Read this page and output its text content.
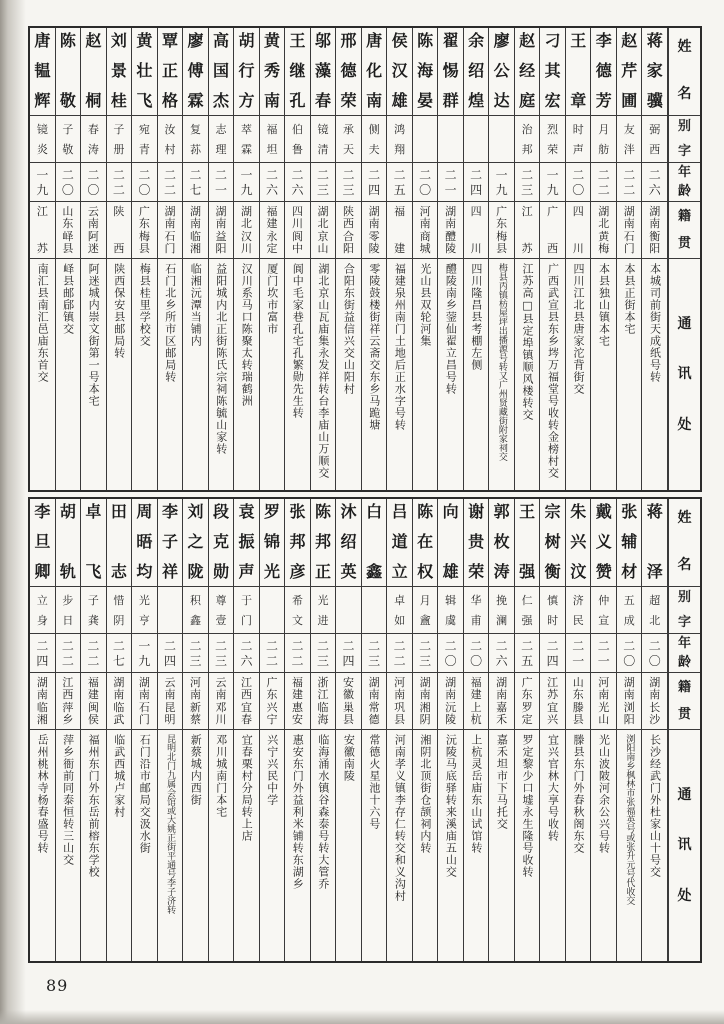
姓
名
别
字
年
龄
籍
贯
通
讯
处
蒋
家
骥
弼
西
二
六
湖
南
衡
阳
本城司前街天成纸号转
赵
芹
圃
友
泮
二
二
湖
南
石
门
本县正街本宅
李
德
芳
月
舫
二
二
湖
北
黄
梅
本县独山镇本宅
王
章
时
声
二
〇
四
川
四川江北县唐家沱背街交
刁
其
宏
烈
荣
一
九
广
西
广西武宣县东乡埁万福堂号收转金榜村交
赵
经
庭
治
邦
二
三
江
苏
江苏高□县定埠镇顺风楼转交
廖
公
达
一
九
广
东
梅
县
梅县丙镇枋屋坪出播源号转又广州贤藏街附家祠交
余
绍
煌
二
四
四
川
四川隆昌县考棚左侧
翟
惕
群
二
一
湖
南
醴
陵
醴陵南乡蓥仙翟立昌号转
陈
海
晏
二
〇
河
南
商
城
光山县双轮河集
侯
汉
雄
鸿
翔
二
五
福
建
福建泉州南门土地后正水字号转
唐
化
南
侧
夫
二
四
湖
南
零
陵
零陵鼓楼街祥云斋交东乡马跪塘
邢
德
荣
承
天
二
三
陕
西
合
阳
合阳东街益信兴交山阳村
邬
藻
春
镜
清
二
三
湖
北
京
山
湖北京山瓦庙集永发祥转台李庙山万顺交
王
继
孔
伯
鲁
二
六
四
川
阆
中
阆中毛家巷孔宅孔繁勋先生转
黄
秀
南
福
坦
二
六
福
建
永
定
厦门坎市富市
胡
行
方
萃
霖
一
九
湖
北
汉
川
汉川系马口陈聚太转瑞鹤洲
高
国
杰
志
理
二
一
湖
南
益
阳
益阳城内北正街陈氏宗祠陈毓山家转
廖
傅
霖
复
荪
二
七
湖
南
临
湘
临湘沅潭当铺内
覃
正
格
汝
村
二
二
湖
南
石
门
石门北乡所市区邮局转
黄
壮
飞
宛
青
二
〇
广
东
梅
县
梅县桂里学校交
刘
景
桂
子
册
二
二
陕
西
陕西保安县邮局转
赵
桐
春
涛
二
〇
云
南
阿
迷
阿迷城内崇文街第一号本宅
陈
敬
子
敬
二
〇
山
东
峄
县
峄县邮郈镇交
唐
韫
辉
镜
炎
一
九
江
苏
南汇县南汇邑庙东首交
姓
名
别
字
年
龄
籍
贯
通
讯
处
蒋
泽
超
北
二
〇
湖
南
长
沙
长沙经武门外杜家山十号交
张
辅
材
五
成
二
〇
湖
南
浏
阳
浏阳南乡枫林市张福英号或张升元号代收交
戴
义
赞
仲
宣
二
一
河
南
光
山
光山波陂河余公兴号转
朱
兴
汶
济
民
二
一
山
东
滕
县
滕县东门外春秋阁东交
宗
树
衡
慎
时
二
四
江
苏
宜
兴
宜兴官林大享号收转
王
强
仁
强
二
五
广
东
罗
定
罗定黎少口墟永生隆号收转
郭
枚
涛
挽
澜
二
六
湖
南
嘉
禾
嘉禾坦市下马托交
谢
贵
荣
华
甫
二
〇
福
建
上
杭
上杭灵岳庙东山试馆转
向
雄
辑
虞
二
〇
湖
南
沅
陵
沅陵马底驿转来溪庙五山交
陈
在
权
月
盦
二
三
湖
南
湘
阴
湘阴北顶街仓颉祠内转
吕
道
立
卓
如
二
二
河
南
巩
县
河南孝义镇李存仁转交和义沟村
白
鑫
二
三
湖
南
常
德
常德火星池十六号
沐
绍
英
二
四
安
徽
巢
县
安徽南陵
陈
邦
正
光
进
二
三
浙
江
临
海
临海涌水镇谷森泰号转大管乔
张
邦
彦
希
文
二
二
福
建
惠
安
惠安东门外益利米铺转东湖乡
罗
锦
光
二
二
广
东
兴
宁
兴宁兴民中学
袁
振
声
于
门
二
六
江
西
宜
春
宜春栗村分局转上店
段
克
勋
尊
壹
二
三
云
南
邓
川
邓川城南门本宅
刘
之
陇
积
鑫
二
三
河
南
新
蔡
新蔡城内西街
李
子
祥
二
四
云
南
昆
明
昆明北门九属会馆或大姚正街平通号李子济转
周
晤
均
光
亨
一
九
湖
南
石
门
石门沿市邮局交汲水街
田
志
惜
阴
二
七
湖
南
临
武
临武西城卢家村
卓
飞
子
龚
二
二
福
建
闽
侯
福州东门外东岳前榕东学校
胡
轨
步
日
二
二
江
西
萍
乡
萍乡衙前同泰恒转三山交
李
旦
卿
立
身
二
四
湖
南
临
湘
岳州桃林寺杨春盛号转
89
